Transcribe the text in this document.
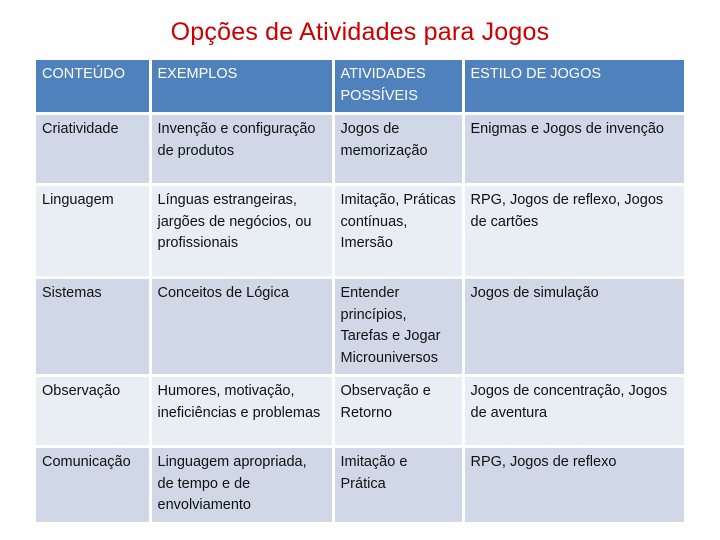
Opções de Atividades para Jogos
CONTEÚDO	EXEMPLOS	ATIVIDADES POSSÍVEIS	ESTILO DE JOGOS
Criatividade	Invenção e configuração de produtos	Jogos de memorização	Enigmas e Jogos de invenção
Linguagem	Línguas estrangeiras, jargões de negócios, ou profissionais	Imitação, Práticas contínuas, Imersão	RPG, Jogos de reflexo, Jogos de cartões
Sistemas	Conceitos de Lógica	Entender princípios, Tarefas e Jogar Microuniversos	Jogos de simulação
Observação	Humores, motivação, ineficiências e problemas	Observação e Retorno	Jogos de concentração, Jogos de aventura
Comunicação	Linguagem apropriada, de tempo e de envolviamento	Imitação e Prática	RPG, Jogos de reflexo
